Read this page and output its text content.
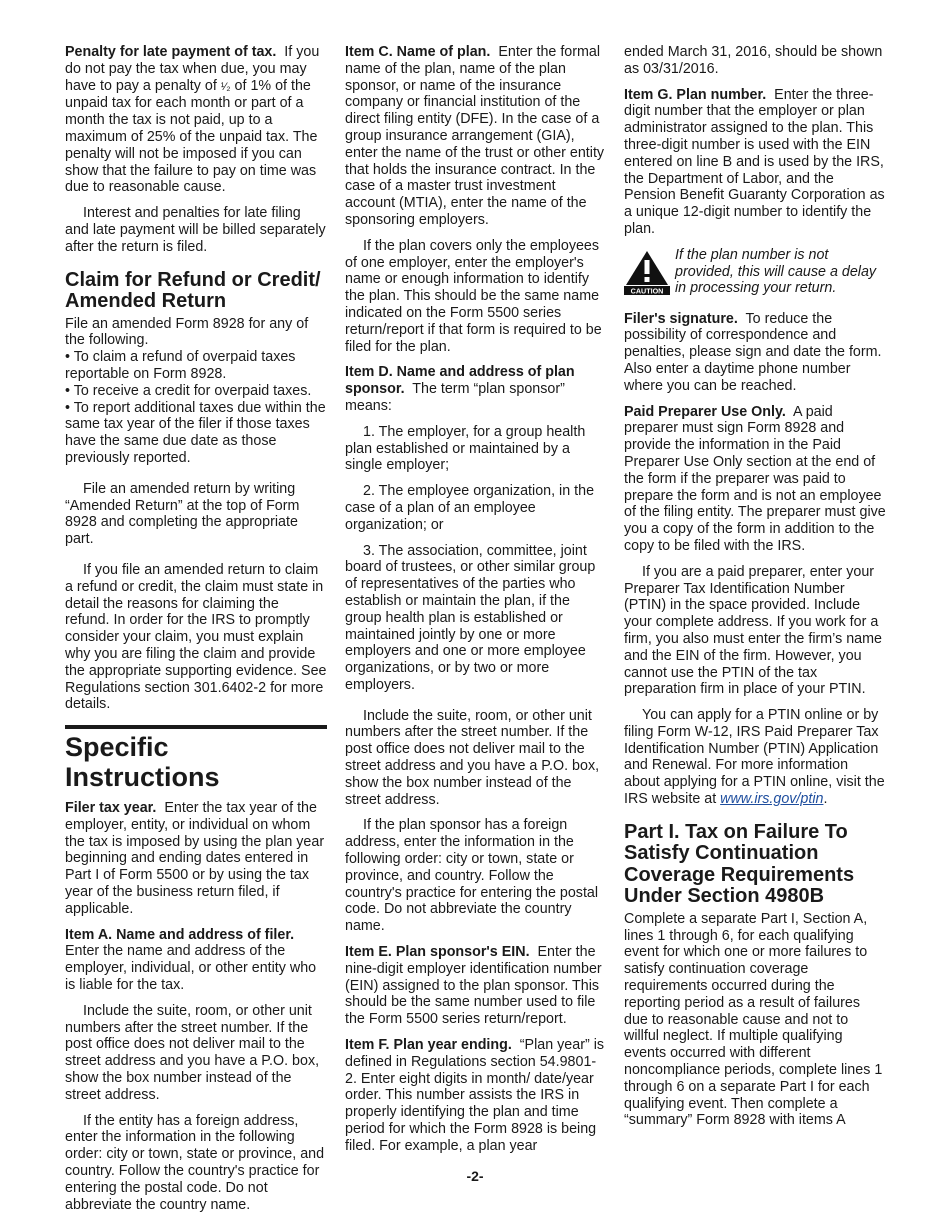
Penalty for late payment of tax. If you do not pay the tax when due, you may have to pay a penalty of ¹⁄₂ of 1% of the unpaid tax for each month or part of a month the tax is not paid, up to a maximum of 25% of the unpaid tax. The penalty will not be imposed if you can show that the failure to pay on time was due to reasonable cause.

Interest and penalties for late filing and late payment will be billed separately after the return is filed.

Claim for Refund or Credit/ Amended Return

File an amended Form 8928 for any of the following.

• To claim a refund of overpaid taxes reportable on Form 8928.

• To receive a credit for overpaid taxes.

• To report additional taxes due within the same tax year of the filer if those taxes have the same due date as those previously reported.

File an amended return by writing “Amended Return” at the top of Form 8928 and completing the appropriate part.

If you file an amended return to claim a refund or credit, the claim must state in detail the reasons for claiming the refund. In order for the IRS to promptly consider your claim, you must explain why you are filing the claim and provide the appropriate supporting evidence. See Regulations section 301.6402-2 for more details.

Specific Instructions

Filer tax year. Enter the tax year of the employer, entity, or individual on whom the tax is imposed by using the plan year beginning and ending dates entered in Part I of Form 5500 or by using the tax year of the business return filed, if applicable.

Item A. Name and address of filer. Enter the name and address of the employer, individual, or other entity who is liable for the tax.

Include the suite, room, or other unit numbers after the street number. If the post office does not deliver mail to the street address and you have a P.O. box, show the box number instead of the street address.

If the entity has a foreign address, enter the information in the following order: city or town, state or province, and country. Follow the country's practice for entering the postal code. Do not abbreviate the country name.

Item C. Name of plan. Enter the formal name of the plan, name of the plan sponsor, or name of the insurance company or financial institution of the direct filing entity (DFE). In the case of a group insurance arrangement (GIA), enter the name of the trust or other entity that holds the insurance contract. In the case of a master trust investment account (MTIA), enter the name of the sponsoring employers.

If the plan covers only the employees of one employer, enter the employer's name or enough information to identify the plan. This should be the same name indicated on the Form 5500 series return/report if that form is required to be filed for the plan.

Item D. Name and address of plan sponsor. The term “plan sponsor” means:

1. The employer, for a group health plan established or maintained by a single employer;

2. The employee organization, in the case of a plan of an employee organization; or

3. The association, committee, joint board of trustees, or other similar group of representatives of the parties who establish or maintain the plan, if the group health plan is established or maintained jointly by one or more employers and one or more employee organizations, or by two or more employers.

Include the suite, room, or other unit numbers after the street number. If the post office does not deliver mail to the street address and you have a P.O. box, show the box number instead of the street address.

If the plan sponsor has a foreign address, enter the information in the following order: city or town, state or province, and country. Follow the country's practice for entering the postal code. Do not abbreviate the country name.

Item E. Plan sponsor's EIN. Enter the nine-digit employer identification number (EIN) assigned to the plan sponsor. This should be the same number used to file the Form 5500 series return/report.

Item F. Plan year ending. “Plan year” is defined in Regulations section 54.9801-2. Enter eight digits in month/ date/year order. This number assists the IRS in properly identifying the plan and time period for which the Form 8928 is being filed. For example, a plan year

ended March 31, 2016, should be shown as 03/31/2016.

Item G. Plan number. Enter the three-digit number that the employer or plan administrator assigned to the plan. This three-digit number is used with the EIN entered on line B and is used by the IRS, the Department of Labor, and the Pension Benefit Guaranty Corporation as a unique 12-digit number to identify the plan.

CAUTION
If the plan number is not provided, this will cause a delay in processing your return.

Filer's signature. To reduce the possibility of correspondence and penalties, please sign and date the form. Also enter a daytime phone number where you can be reached.

Paid Preparer Use Only. A paid preparer must sign Form 8928 and provide the information in the Paid Preparer Use Only section at the end of the form if the preparer was paid to prepare the form and is not an employee of the filing entity. The preparer must give you a copy of the form in addition to the copy to be filed with the IRS.

If you are a paid preparer, enter your Preparer Tax Identification Number (PTIN) in the space provided. Include your complete address. If you work for a firm, you also must enter the firm’s name and the EIN of the firm. However, you cannot use the PTIN of the tax preparation firm in place of your PTIN.

You can apply for a PTIN online or by filing Form W-12, IRS Paid Preparer Tax Identification Number (PTIN) Application and Renewal. For more information about applying for a PTIN online, visit the IRS website at www.irs.gov/ptin.

Part I. Tax on Failure To Satisfy Continuation Coverage Requirements Under Section 4980B

Complete a separate Part I, Section A, lines 1 through 6, for each qualifying event for which one or more failures to satisfy continuation coverage requirements occurred during the reporting period as a result of failures due to reasonable cause and not to willful neglect. If multiple qualifying events occurred with different noncompliance periods, complete lines 1 through 6 on a separate Part I for each qualifying event. Then complete a “summary” Form 8928 with items A

-2-
